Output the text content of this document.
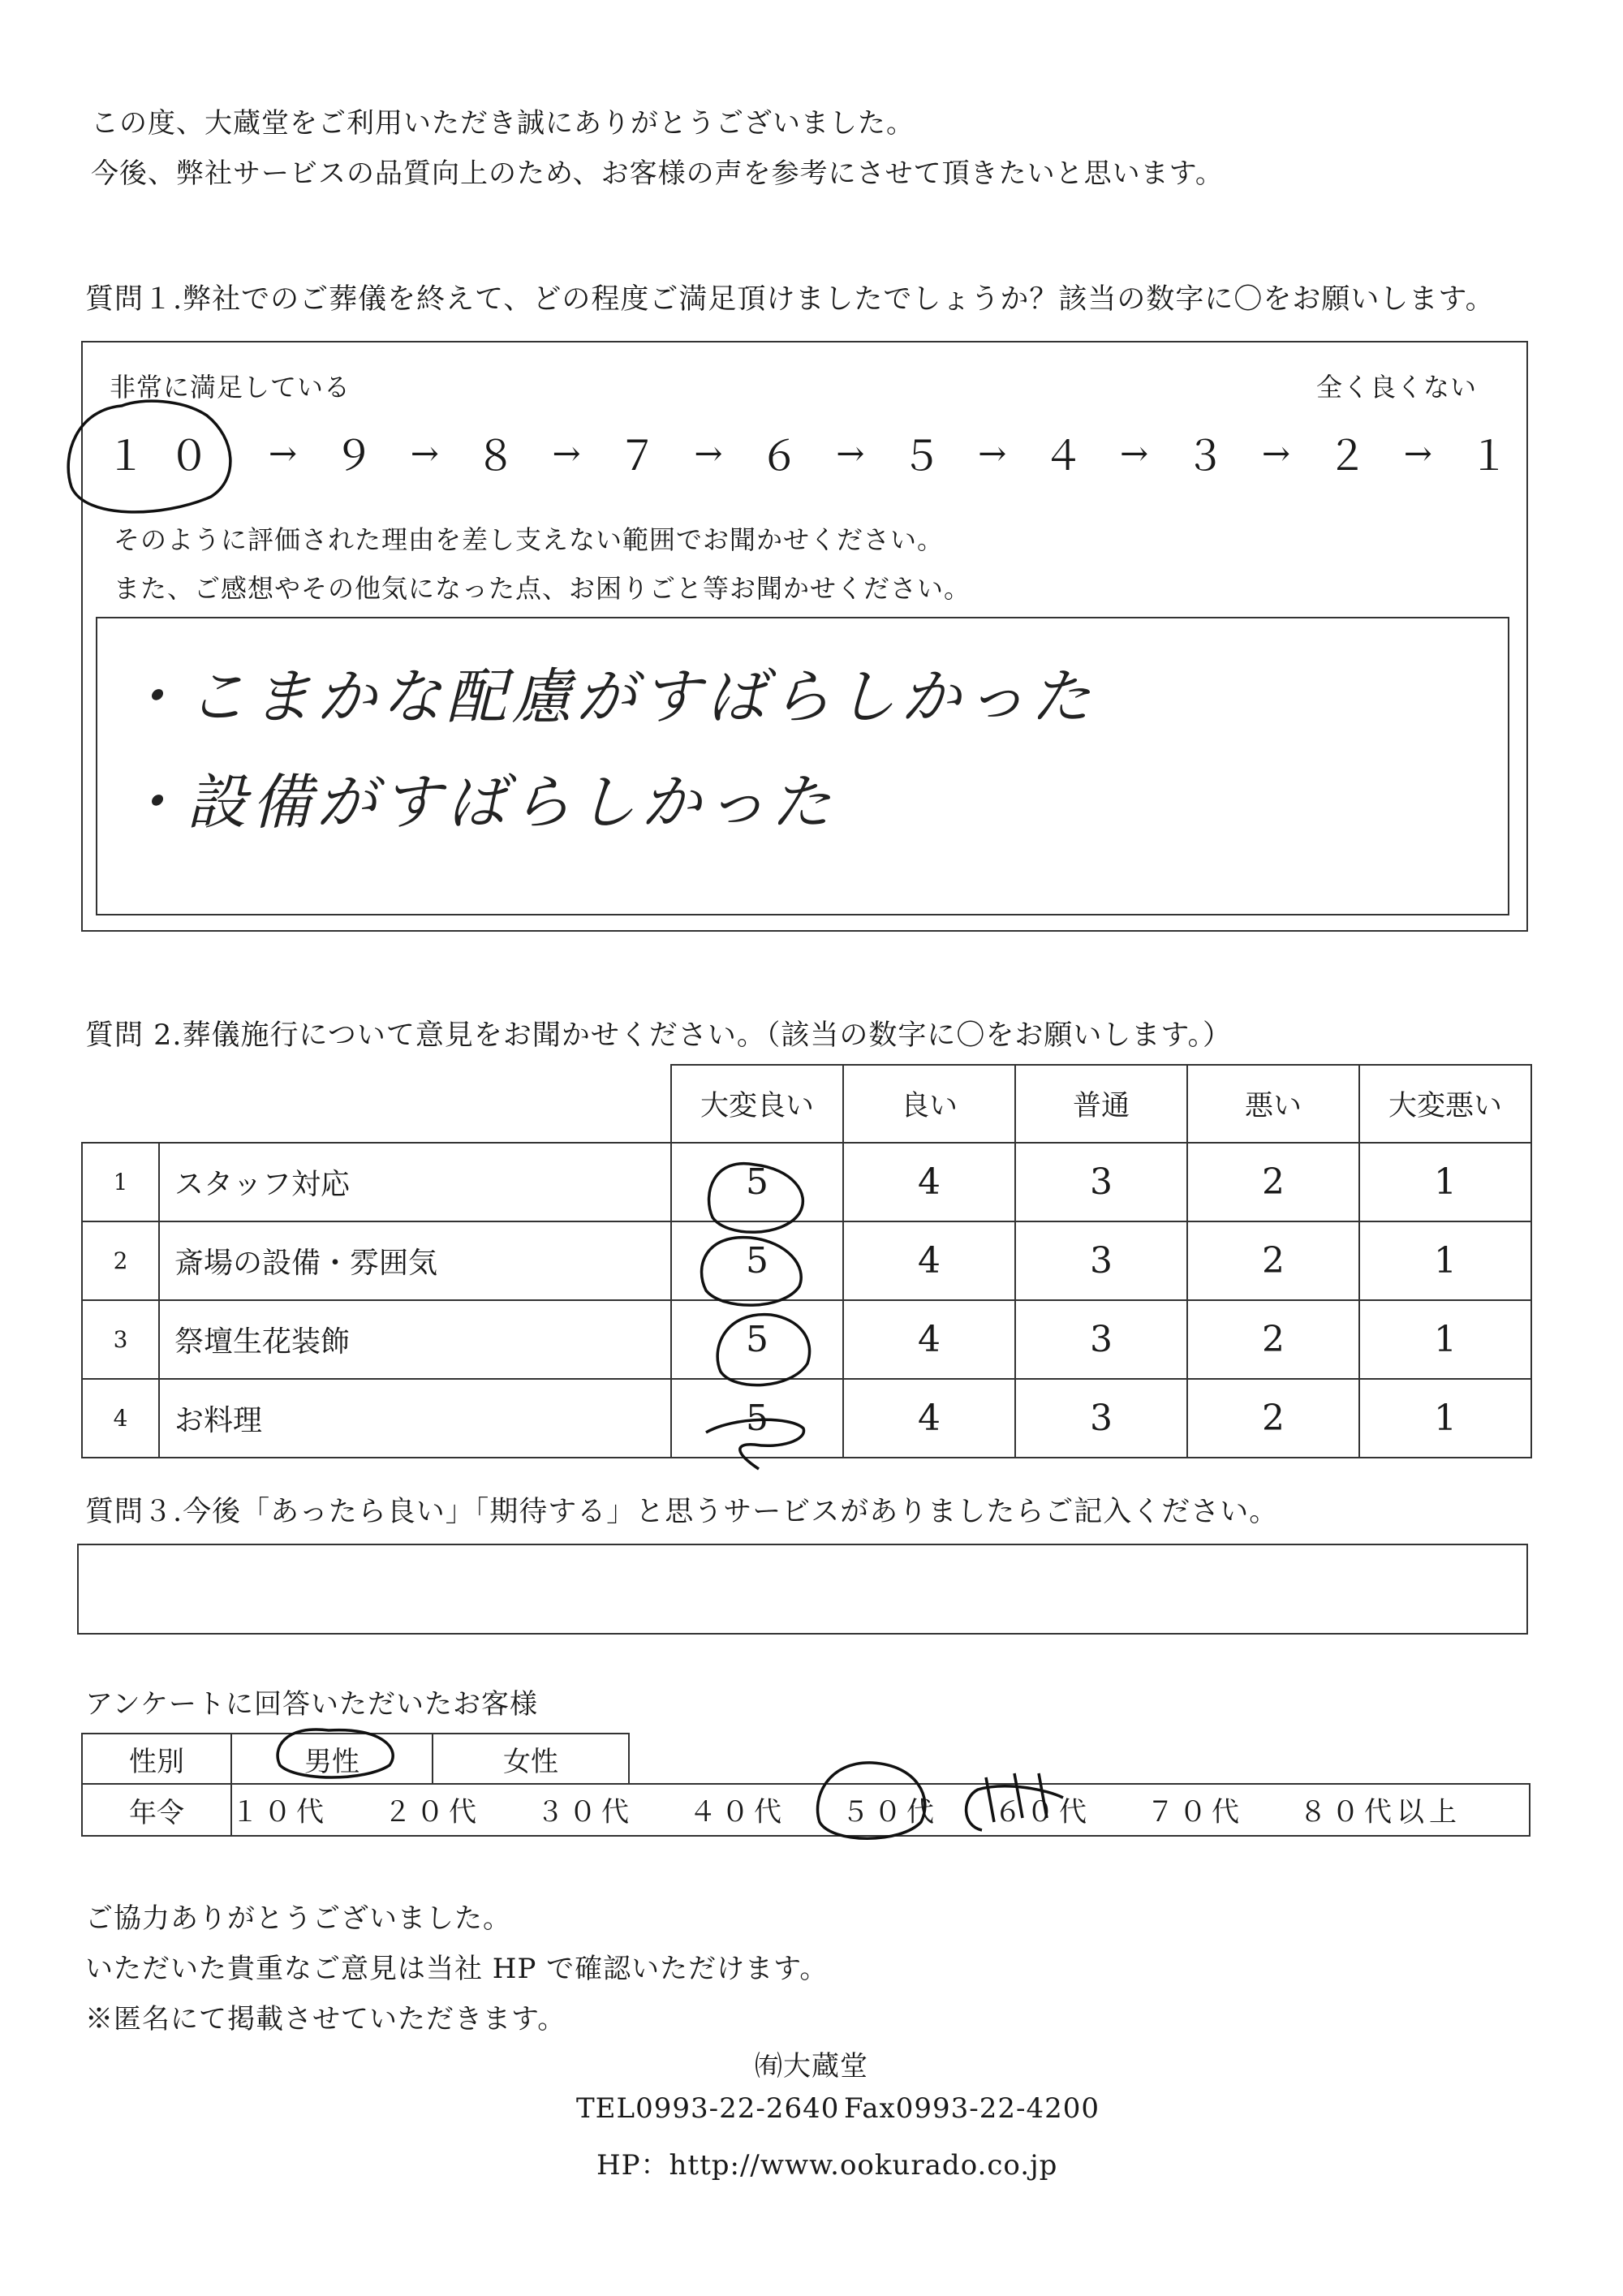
この度、大蔵堂をご利用いただき誠にありがとうございました。
今後、弊社サービスの品質向上のため、お客様の声を参考にさせて頂きたいと思います。
質問１.弊社でのご葬儀を終えて、どの程度ご満足頂けましたでしょうか？該当の数字に〇をお願いします。
非常に満足している	全く良くない
１０ → ９ → ８ → ７ → ６ → ５ → ４ → ３ → ２ → １
そのように評価された理由を差し支えない範囲でお聞かせください。
また、ご感想やその他気になった点、お困りごと等お聞かせください。
・こまかな配慮がすばらしかった
・設備がすばらしかった
質問 2.葬儀施行について意見をお聞かせください。（該当の数字に〇をお願いします。）
		大変良い	良い	普通	悪い	大変悪い
1	スタッフ対応	5	4	3	2	1
2	斎場の設備・雰囲気	5	4	3	2	1
3	祭壇生花装飾	5	4	3	2	1
4	お料理	5	4	3	2	1
質問３.今後「あったら良い」「期待する」と思うサービスがありましたらご記入ください。
アンケートに回答いただいたお客様
性別	男性	女性
年令	１０代 ２０代 ３０代 ４０代 ５０代 ６０代 ７０代 ８０代以上
ご協力ありがとうございました。
いただいた貴重なご意見は当社 HP で確認いただけます。
※匿名にて掲載させていただきます。
㈲大蔵堂
TEL0993-22-2640 Fax0993-22-4200
HP：http://www.ookurado.co.jp
